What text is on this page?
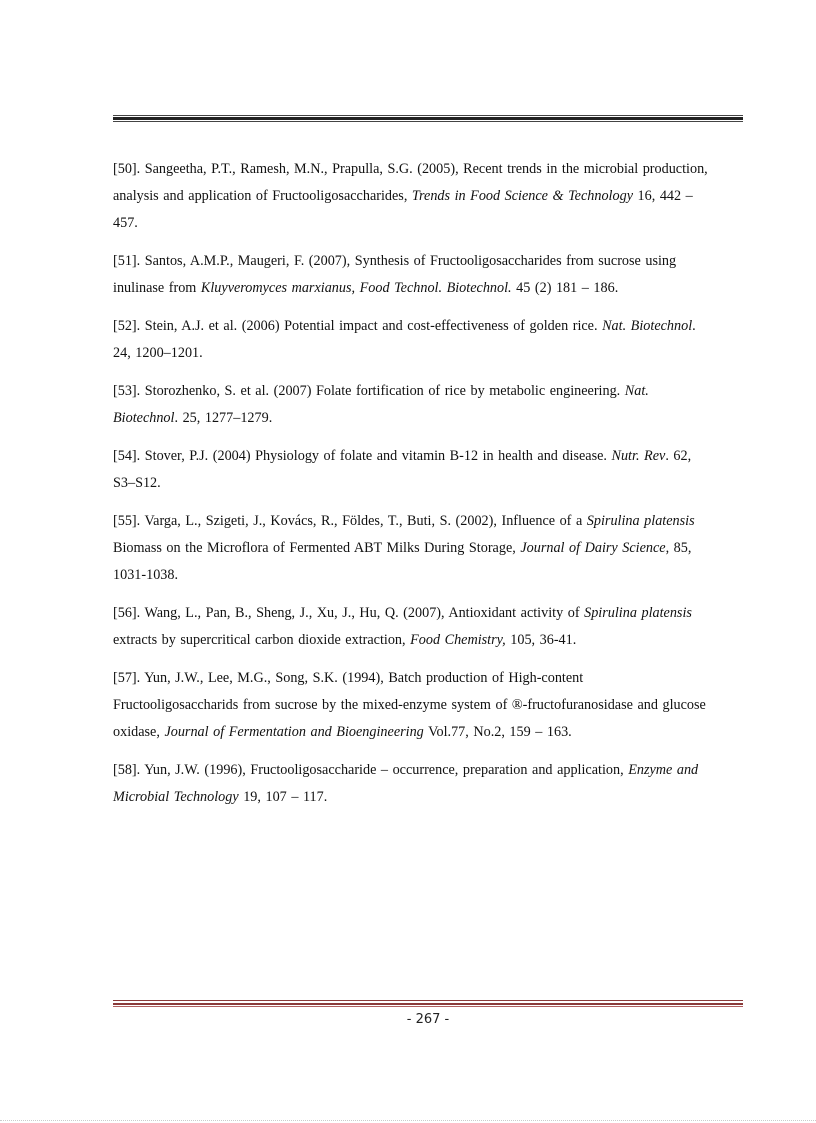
[50]. Sangeetha, P.T., Ramesh, M.N., Prapulla, S.G. (2005), Recent trends in the microbial production, analysis and application of Fructooligosaccharides, Trends in Food Science & Technology 16, 442 – 457.

[51]. Santos, A.M.P., Maugeri, F. (2007), Synthesis of Fructooligosaccharides from sucrose using inulinase from Kluyveromyces marxianus, Food Technol. Biotechnol. 45 (2) 181 – 186.

[52]. Stein, A.J. et al. (2006) Potential impact and cost-effectiveness of golden rice. Nat. Biotechnol. 24, 1200–1201.

[53]. Storozhenko, S. et al. (2007) Folate fortification of rice by metabolic engineering. Nat. Biotechnol. 25, 1277–1279.

[54]. Stover, P.J. (2004) Physiology of folate and vitamin B-12 in health and disease. Nutr. Rev. 62, S3–S12.

[55]. Varga, L., Szigeti, J., Kovács, R., Földes, T., Buti, S. (2002), Influence of a Spirulina platensis Biomass on the Microflora of Fermented ABT Milks During Storage, Journal of Dairy Science, 85, 1031-1038.

[56]. Wang, L., Pan, B., Sheng, J., Xu, J., Hu, Q. (2007), Antioxidant activity of Spirulina platensis extracts by supercritical carbon dioxide extraction, Food Chemistry, 105, 36-41.

[57]. Yun, J.W., Lee, M.G., Song, S.K. (1994), Batch production of High-content Fructooligosaccharids from sucrose by the mixed-enzyme system of ®-fructofuranosidase and glucose oxidase, Journal of Fermentation and Bioengineering Vol.77, No.2, 159 – 163.

[58]. Yun, J.W. (1996), Fructooligosaccharide – occurrence, preparation and application, Enzyme and Microbial Technology 19, 107 – 117.

- 267 -
